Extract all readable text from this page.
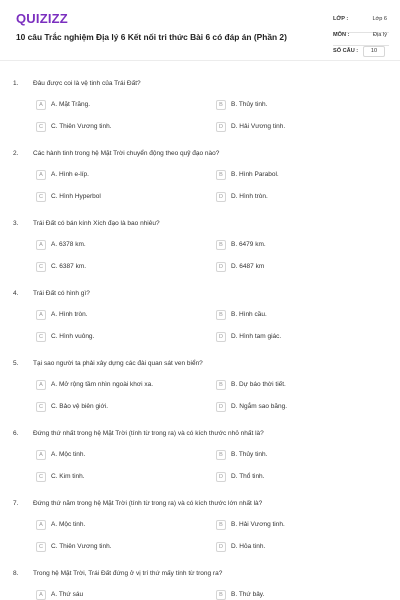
QUIZIZZ
10 câu Trắc nghiệm Địa lý 6 Kết nối tri thức Bài 6 có đáp án (Phần 2)
LỚP :	Lớp 6
MÔN :	Địa lý
SỐ CÂU :	10
1. Đâu được coi là vệ tinh của Trái Đất?
A	A. Mặt Trăng.	B	B. Thủy tinh.
C	C. Thiên Vương tinh.	D	D. Hải Vương tinh.
2. Các hành tinh trong hệ Mặt Trời chuyển động theo quỹ đạo nào?
A	A. Hình e-líp.	B	B. Hình Parabol.
C	C. Hình Hyperbol	D	D. Hình tròn.
3. Trái Đất có bán kính Xích đạo là bao nhiêu?
A	A. 6378 km.	B	B. 6479 km.
C	C. 6387 km.	D	D. 6487 km
4. Trái Đất có hình gì?
A	A. Hình tròn.	B	B. Hình cầu.
C	C. Hình vuông.	D	D. Hình tam giác.
5. Tại sao người ta phải xây dựng các đài quan sát ven biển?
A	A. Mở rộng tầm nhìn ngoài khơi xa.	B	B. Dự báo thời tiết.
C	C. Bảo vệ biên giới.	D	D. Ngắm sao băng.
6. Đứng thứ nhất trong hệ Mặt Trời (tính từ trong ra) và có kích thước nhỏ nhất là?
A	A. Mộc tinh.	B	B. Thủy tinh.
C	C. Kim tinh.	D	D. Thổ tinh.
7. Đứng thứ năm trong hệ Mặt Trời (tính từ trong ra) và có kích thước lớn nhất là?
A	A. Mộc tinh.	B	B. Hải Vương tinh.
C	C. Thiên Vương tinh.	D	D. Hỏa tinh.
8. Trong hệ Mặt Trời, Trái Đất đứng ở vị trí thứ mấy tính từ trong ra?
A	A. Thứ sáu	B	B. Thứ bảy.
